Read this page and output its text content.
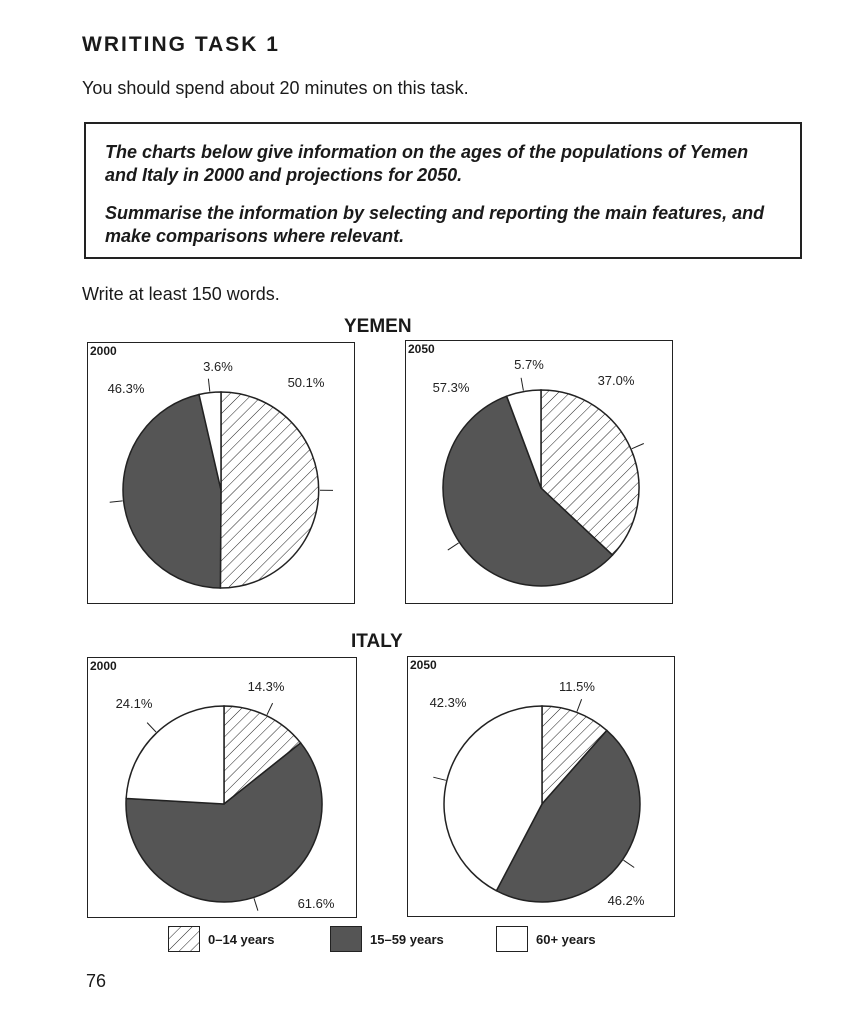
WRITING TASK 1
You should spend about 20 minutes on this task.

The charts below give information on the ages of the populations of Yemen and Italy in 2000 and projections for 2050.

Summarise the information by selecting and reporting the main features, and make comparisons where relevant.

Write at least 150 words.
YEMEN
ITALY
2000
50.1%
46.3%
3.6%
2050
37.0%
57.3%
5.7%
2000
14.3%
61.6%
24.1%
2050
11.5%
46.2%
42.3%
0–14 years	15–59 years	60+ years
76
